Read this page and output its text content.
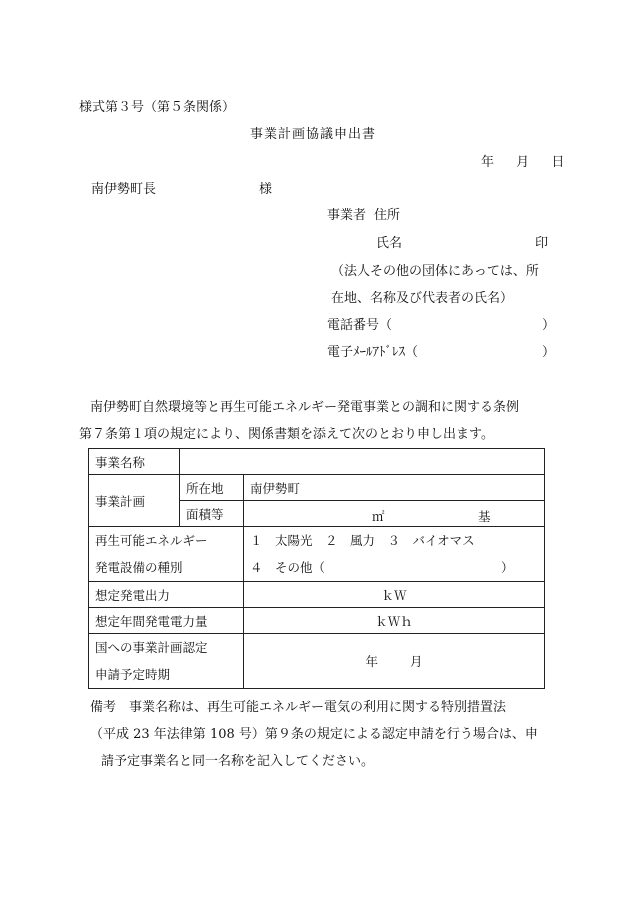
様式第３号（第５条関係）
事業計画協議申出書
年 月 日
南伊勢町長	様
事業者 住所
氏名	印
（法人その他の団体にあっては、所
在地、名称及び代表者の氏名）
電話番号（	）
電子ﾒｰﾙｱﾄﾞﾚｽ（	）
南伊勢町自然環境等と再生可能エネルギー発電事業との調和に関する条例
第７条第１項の規定により、関係書類を添えて次のとおり申し出ます。
事業名称		
事業計画	所在地	南伊勢町
	面積等	㎡ 基

再生可能エネルギー
発電設備の種別		１　太陽光　２　風力　３　バイオマス
４　その他（ ）
想定発電出力		ｋＷ
想定年間発電電力量		ｋＷｈ
国への事業計画認定
申請予定時期		年 月
備考　事業名称は、再生可能エネルギー電気の利用に関する特別措置法
（平成 23 年法律第 108 号）第９条の規定による認定申請を行う場合は、申
請予定事業名と同一名称を記入してください。
